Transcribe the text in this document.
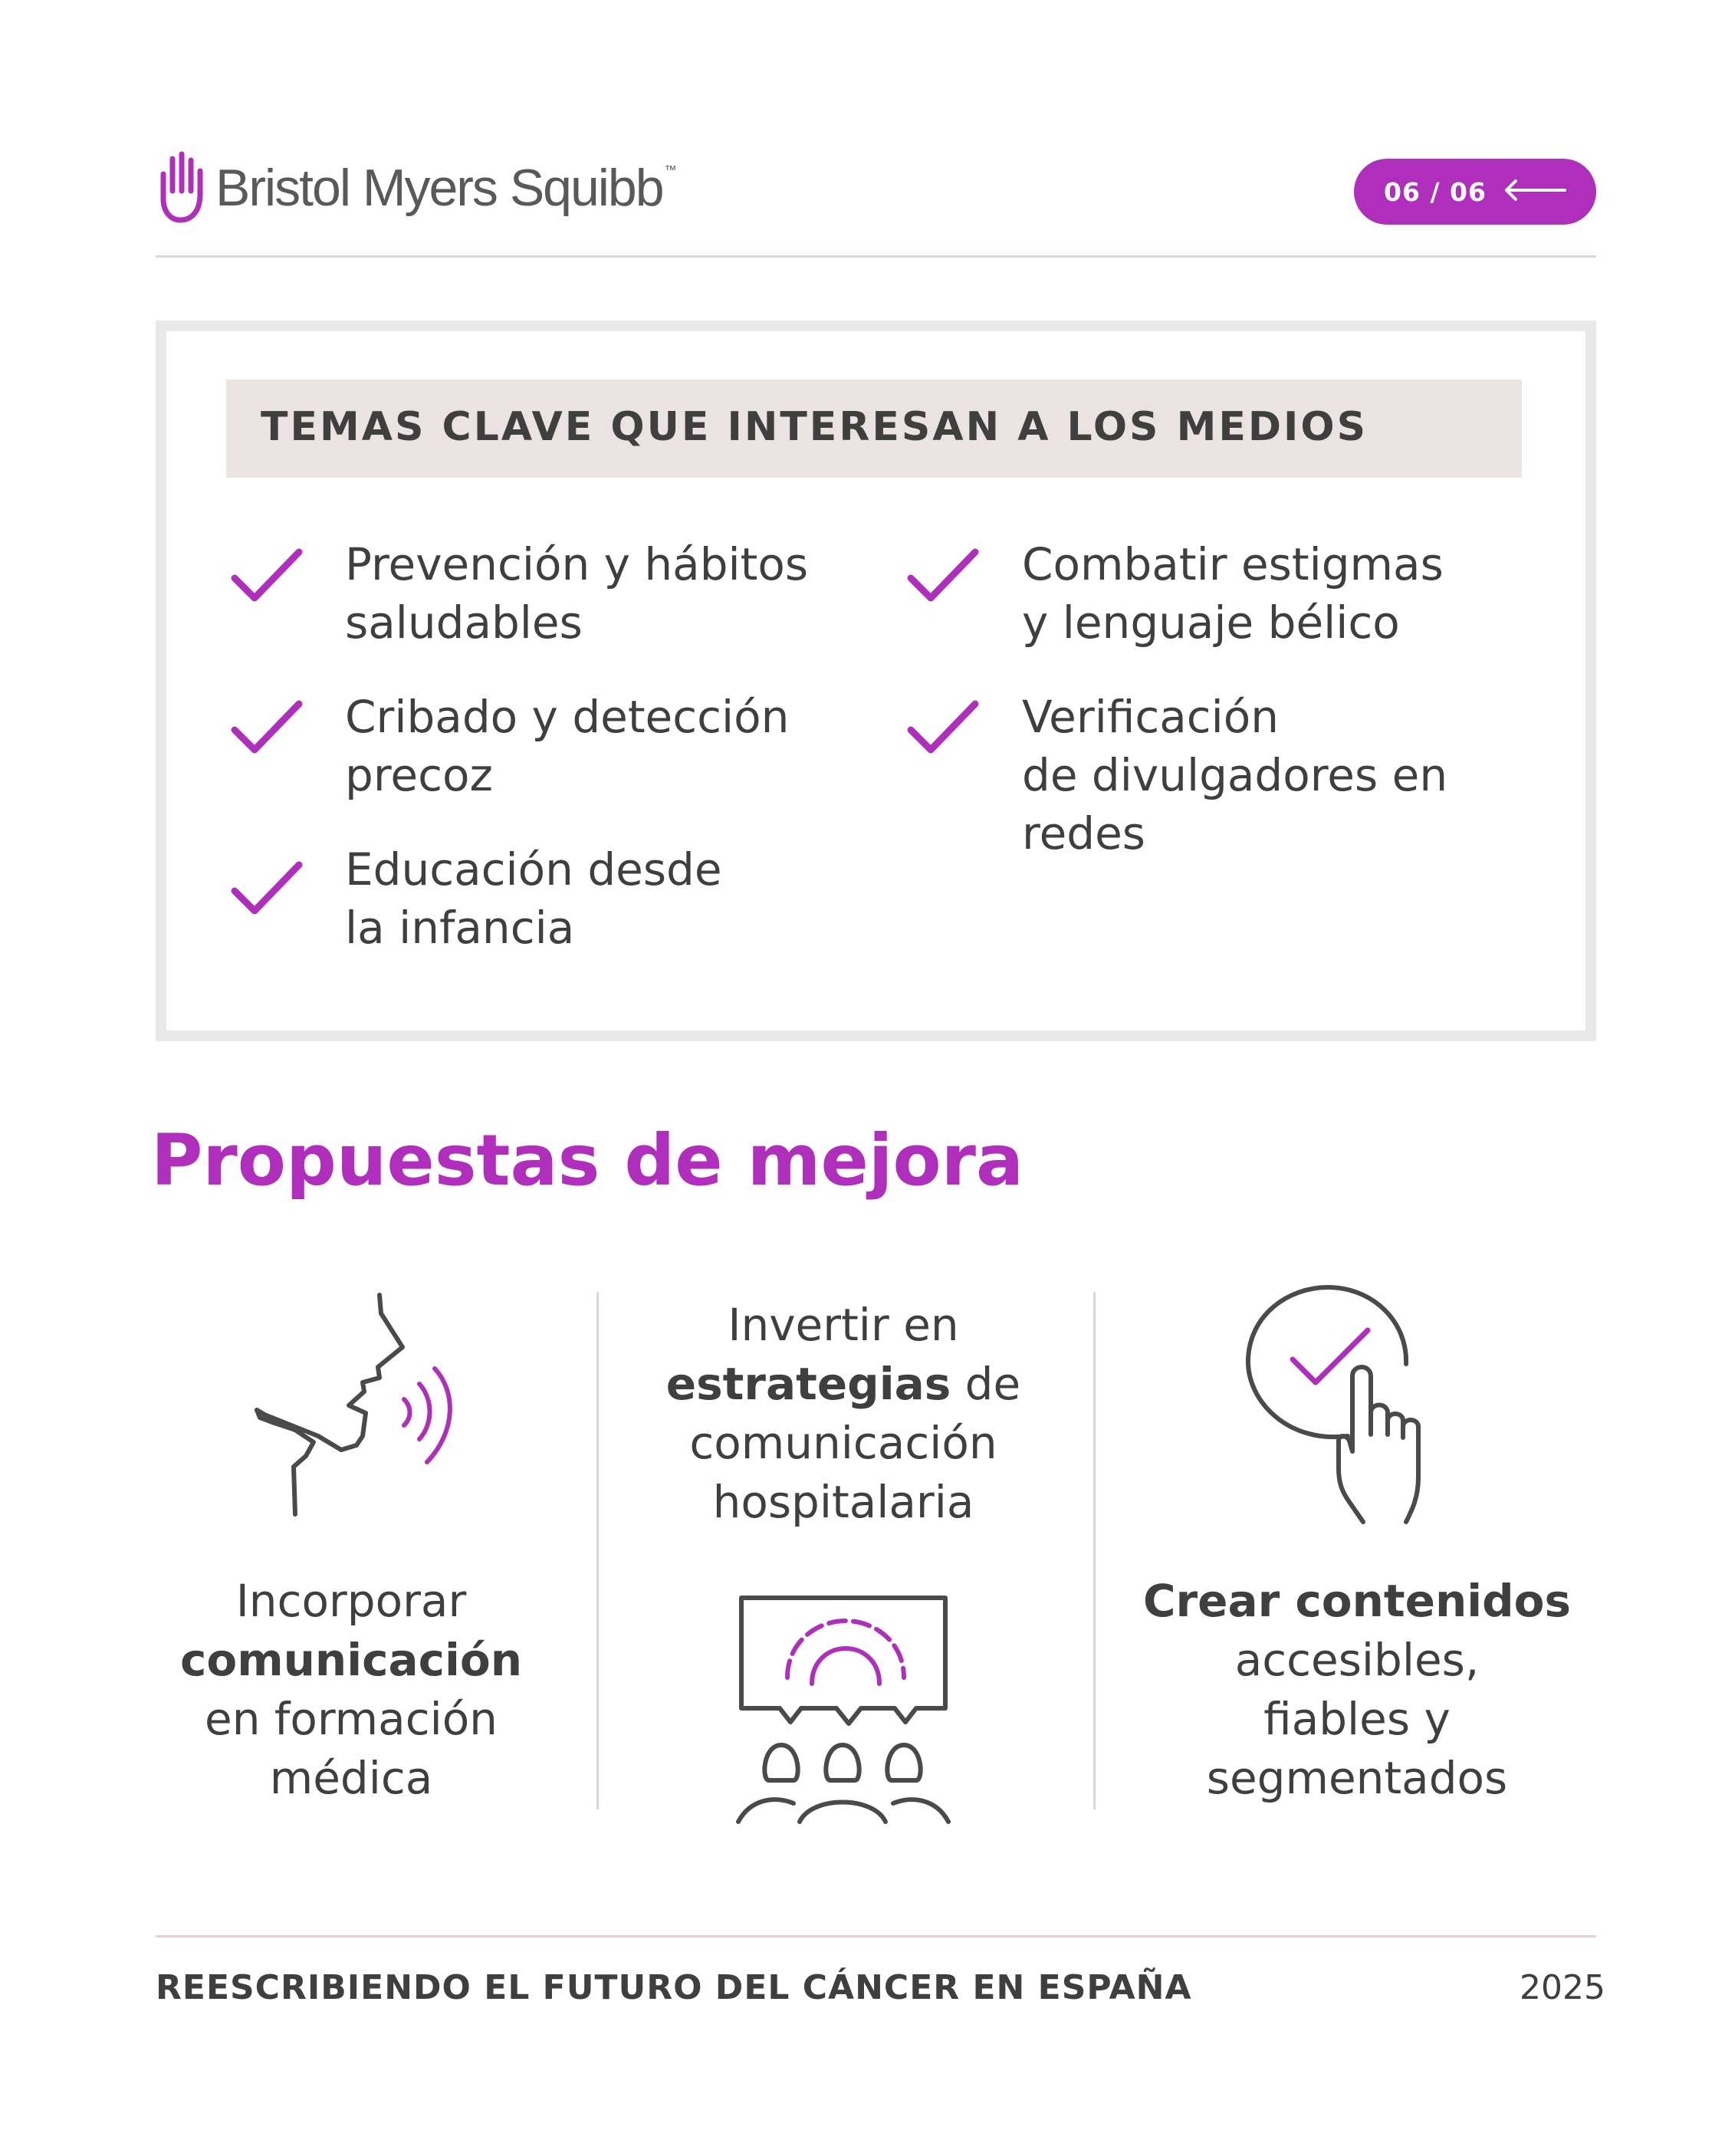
Bristol Myers Squibb ™
06 / 06
TEMAS CLAVE QUE INTERESAN A LOS MEDIOS
Prevención y hábitos
saludables
Cribado y detección
precoz
Educación desde
la infancia
Combatir estigmas
y lenguaje bélico
Verificación
de divulgadores en
redes
Propuestas de mejora
Incorporar
comunicación
en formación
médica
Invertir en
estrategias de
comunicación
hospitalaria
Crear contenidos
accesibles,
fiables y
segmentados
REESCRIBIENDO EL FUTURO DEL CÁNCER EN ESPAÑA	2025
